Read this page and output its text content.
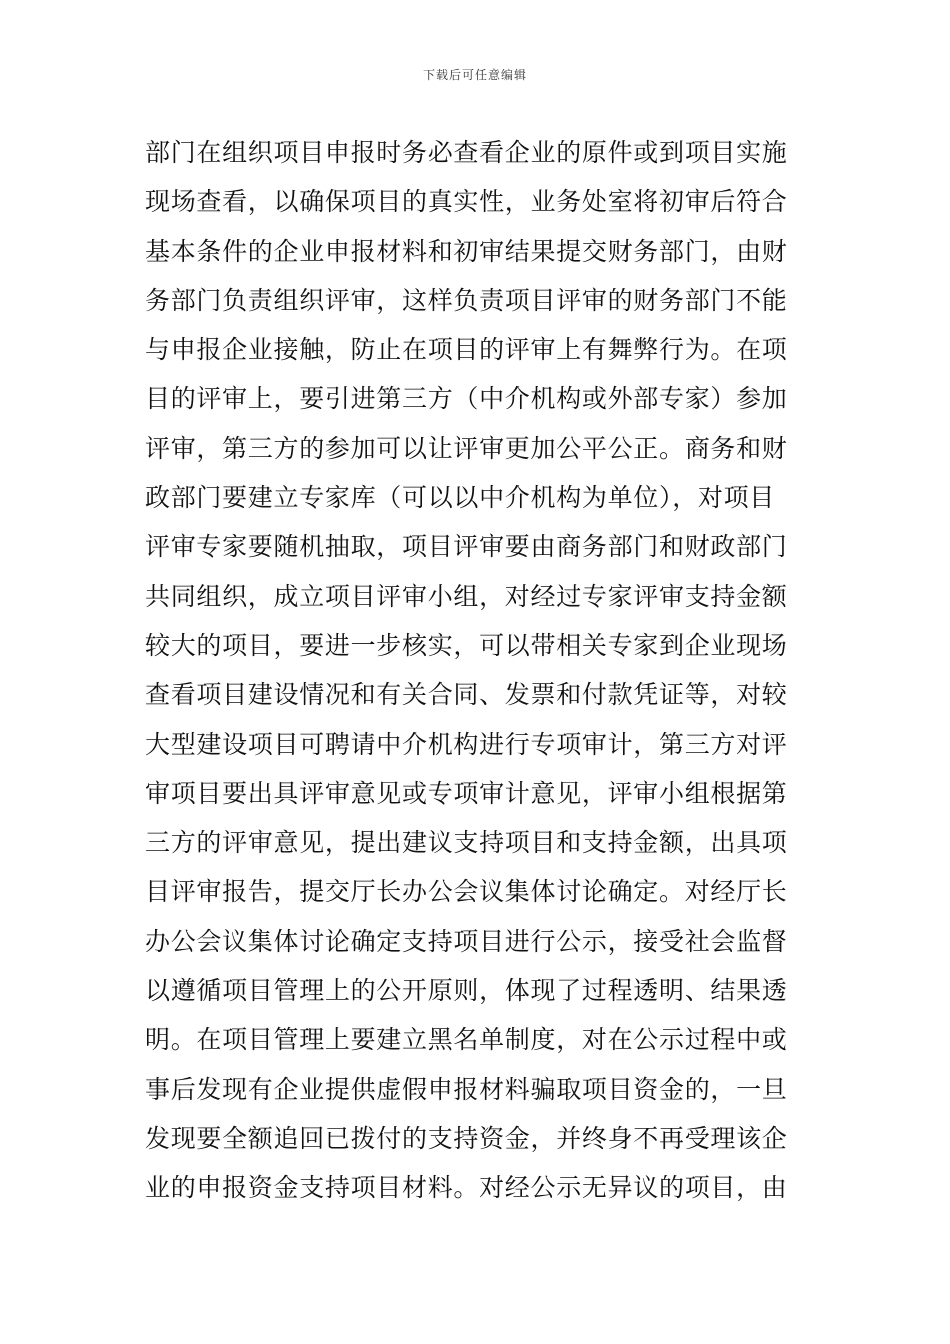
下载后可任意编辑
部门在组织项目申报时务必查看企业的原件或到项目实施
现场查看，以确保项目的真实性，业务处室将初审后符合
基本条件的企业申报材料和初审结果提交财务部门，由财
务部门负责组织评审，这样负责项目评审的财务部门不能
与申报企业接触，防止在项目的评审上有舞弊行为。在项
目的评审上，要引进第三方（中介机构或外部专家）参加
评审，第三方的参加可以让评审更加公平公正。商务和财
政部门要建立专家库（可以以中介机构为单位），对项目
评审专家要随机抽取，项目评审要由商务部门和财政部门
共同组织，成立项目评审小组，对经过专家评审支持金额
较大的项目，要进一步核实，可以带相关专家到企业现场
查看项目建设情况和有关合同、发票和付款凭证等，对较
大型建设项目可聘请中介机构进行专项审计，第三方对评
审项目要出具评审意见或专项审计意见，评审小组根据第
三方的评审意见，提出建议支持项目和支持金额，出具项
目评审报告，提交厅长办公会议集体讨论确定。对经厅长
办公会议集体讨论确定支持项目进行公示，接受社会监督
以遵循项目管理上的公开原则，体现了过程透明、结果透
明。在项目管理上要建立黑名单制度，对在公示过程中或
事后发现有企业提供虚假申报材料骗取项目资金的，一旦
发现要全额追回已拨付的支持资金，并终身不再受理该企
业的申报资金支持项目材料。对经公示无异议的项目，由
